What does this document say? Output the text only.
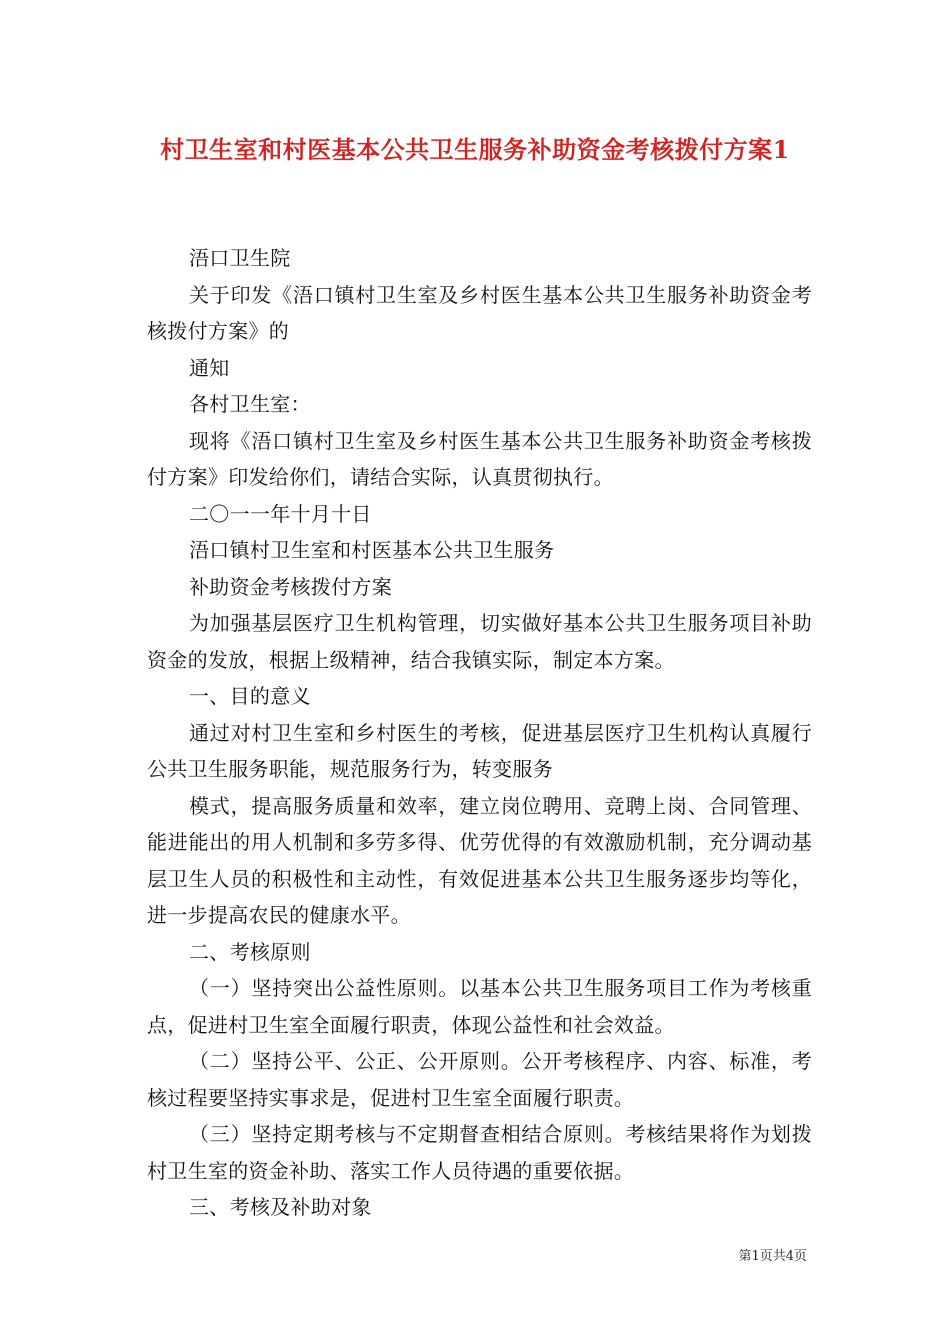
村卫生室和村医基本公共卫生服务补助资金考核拨付方案1

浯口卫生院

关于印发《浯口镇村卫生室及乡村医生基本公共卫生服务补助资金考核拨付方案》的

通知

各村卫生室：

现将《浯口镇村卫生室及乡村医生基本公共卫生服务补助资金考核拨付方案》印发给你们，请结合实际，认真贯彻执行。

二〇一一年十月十日

浯口镇村卫生室和村医基本公共卫生服务

补助资金考核拨付方案

为加强基层医疗卫生机构管理，切实做好基本公共卫生服务项目补助资金的发放，根据上级精神，结合我镇实际，制定本方案。

一、目的意义

通过对村卫生室和乡村医生的考核，促进基层医疗卫生机构认真履行公共卫生服务职能，规范服务行为，转变服务

模式，提高服务质量和效率，建立岗位聘用、竞聘上岗、合同管理、能进能出的用人机制和多劳多得、优劳优得的有效激励机制，充分调动基层卫生人员的积极性和主动性，有效促进基本公共卫生服务逐步均等化，进一步提高农民的健康水平。

二、考核原则

（一）坚持突出公益性原则。以基本公共卫生服务项目工作为考核重点，促进村卫生室全面履行职责，体现公益性和社会效益。

（二）坚持公平、公正、公开原则。公开考核程序、内容、标准，考核过程要坚持实事求是，促进村卫生室全面履行职责。

（三）坚持定期考核与不定期督查相结合原则。考核结果将作为划拨村卫生室的资金补助、落实工作人员待遇的重要依据。

三、考核及补助对象

第1页共4页
